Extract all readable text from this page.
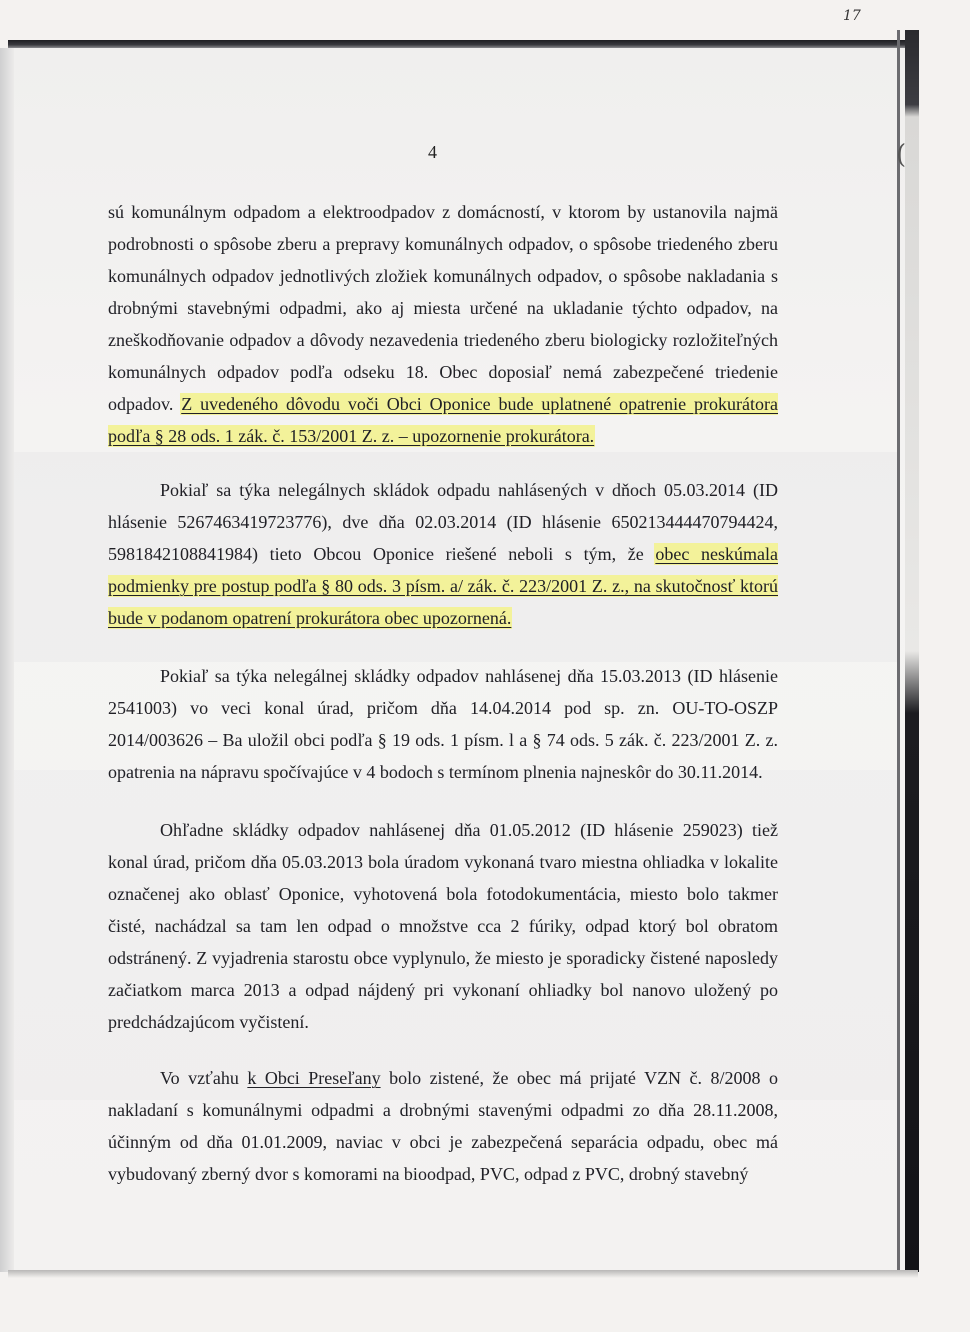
17
(
4

sú komunálnym odpadom a elektroodpadov z domácností, v ktorom by ustanovila najmä podrobnosti o spôsobe zberu a prepravy komunálnych odpadov, o spôsobe triedeného zberu komunálnych odpadov jednotlivých zložiek komunálnych odpadov, o spôsobe nakladania s drobnými stavebnými odpadmi, ako aj miesta určené na ukladanie týchto odpadov, na zneškodňovanie odpadov a dôvody nezavedenia triedeného zberu biologicky rozložiteľných komunálnych odpadov podľa odseku 18. Obec doposiaľ nemá zabezpečené triedenie odpadov. Z uvedeného dôvodu voči Obci Oponice bude uplatnené opatrenie prokurátora podľa § 28 ods. 1 zák. č. 153/2001 Z. z. – upozornenie prokurátora.

Pokiaľ sa týka nelegálnych skládok odpadu nahlásených v dňoch 05.03.2014 (ID hlásenie 5267463419723776), dve dňa 02.03.2014 (ID hlásenie 6502134444707944​24, 5981842108841984) tieto Obcou Oponice riešené neboli s tým, že obec neskúmala podmienky pre postup podľa § 80 ods. 3 písm. a/ zák. č. 223/2001 Z. z., na skutočnosť ktorú bude v podanom opatrení prokurátora obec upozornená.

Pokiaľ sa týka nelegálnej skládky odpadov nahlásenej dňa 15.03.2013 (ID hlásenie 2541003) vo veci konal úrad, pričom dňa 14.04.2014 pod sp. zn. OU-TO-OSZP 2014/003626 – Ba uložil obci podľa § 19 ods. 1 písm. l a § 74 ods. 5 zák. č. 223/2001 Z. z. opatrenia na nápravu spočívajúce v 4 bodoch s termínom plnenia najneskôr do 30.11.2014.

Ohľadne skládky odpadov nahlásenej dňa 01.05.2012 (ID hlásenie 259023) tiež konal úrad, pričom dňa 05.03.2013 bola úradom vykonaná tvaro miestna ohliadka v lokalite označenej ako oblasť Oponice, vyhotovená bola fotodokumentácia, miesto bolo takmer čisté, nachádzal sa tam len odpad o množstve cca 2 fúriky, odpad ktorý bol obratom odstránený. Z vyjadrenia starostu obce vyplynulo, že miesto je sporadicky čistené naposledy začiatkom marca 2013 a odpad nájdený pri vykonaní ohliadky bol nanovo uložený po predchádzajúcom vyčistení.

Vo vzťahu k Obci Preseľany bolo zistené, že obec má prijaté VZN č. 8/2008 o nakladaní s komunálnymi odpadmi a drobnými stavenými odpadmi zo dňa 28.11.2008, účinným od dňa 01.01.2009, naviac v obci je zabezpečená separácia odpadu, obec má vybudovaný zberný dvor s komorami na biood​pad, PVC, odpad z PVC, drobný stavebný
